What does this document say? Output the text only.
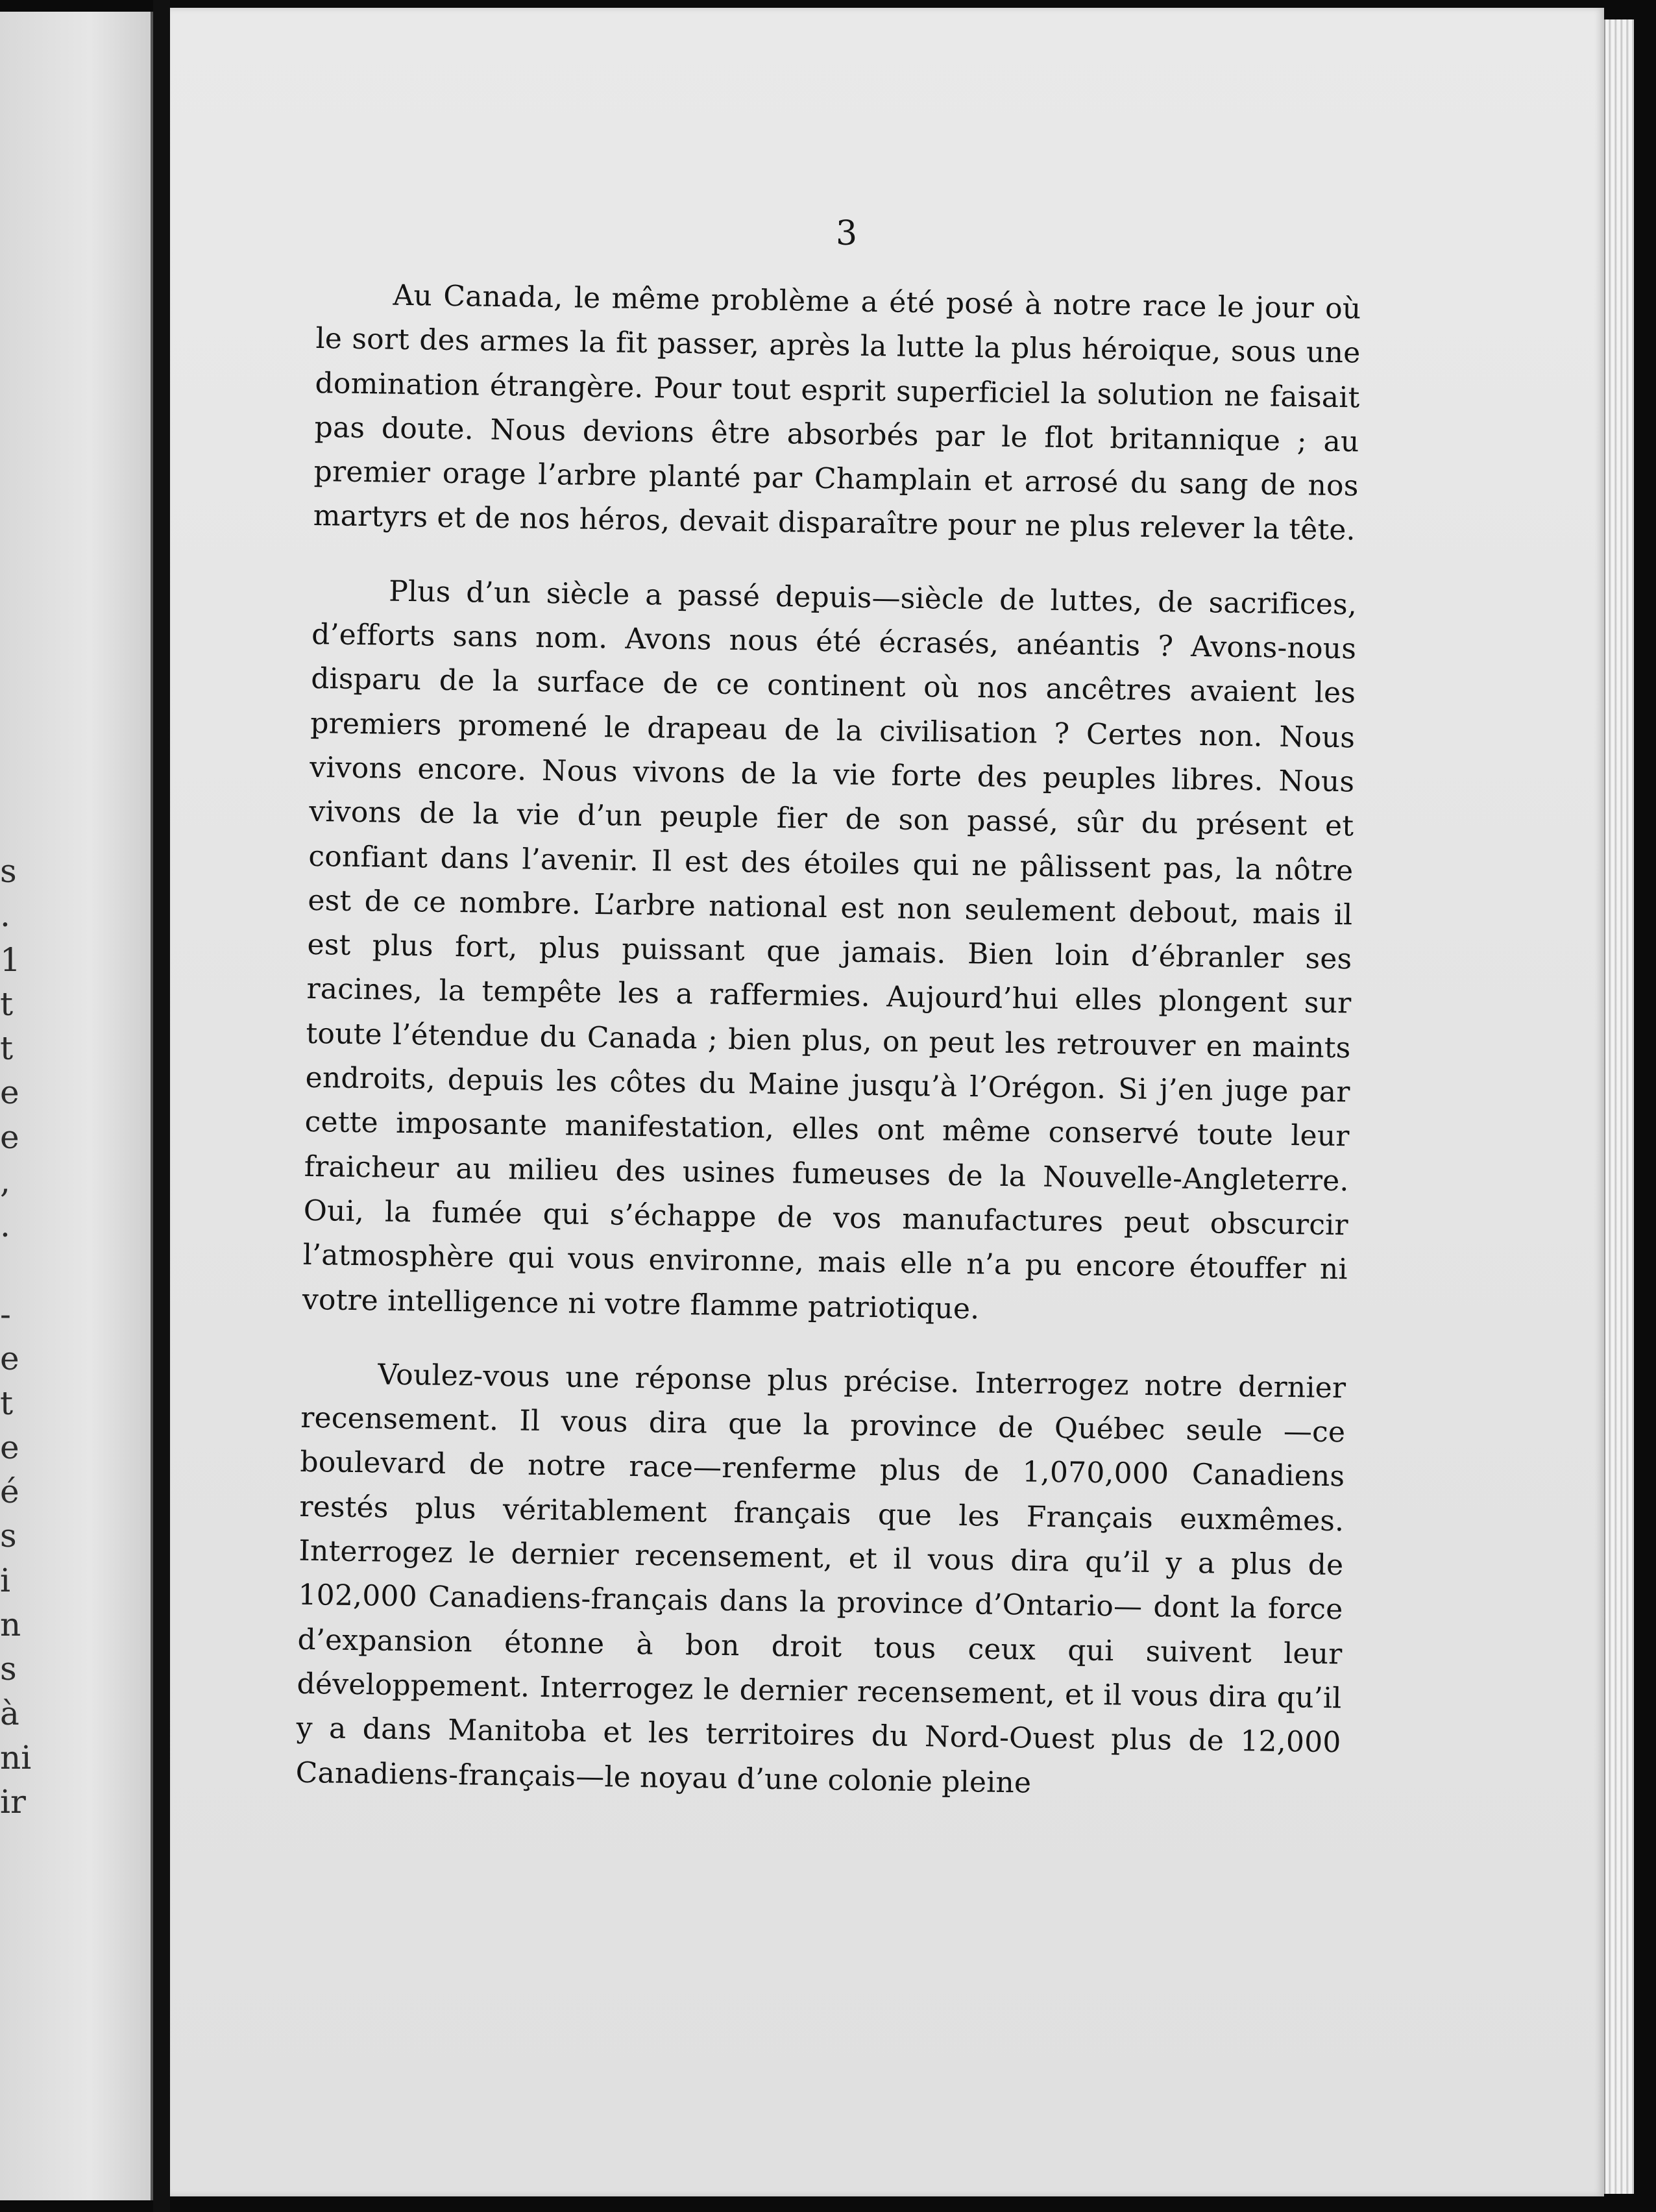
s
.
1
t
t
e
e
,
.

-
e
t
e
é
s
i
n
s
à
ni
ir
3

Au Canada, le même problème a été posé à notre race le jour où le sort des armes la fit passer, après la lutte la plus héroique, sous une domination étrangère. Pour tout esprit superficiel la solution ne faisait pas doute. Nous devions être absorbés par le flot britannique ; au premier orage l’arbre planté par Champlain et arrosé du sang de nos martyrs et de nos héros, devait disparaître pour ne plus relever la tête.

Plus d’un siècle a passé depuis—siècle de luttes, de sacrifices, d’efforts sans nom. Avons nous été écrasés, anéantis ? Avons-nous disparu de la surface de ce continent où nos ancêtres avaient les premiers promené le drapeau de la civilisation ? Certes non. Nous vivons encore. Nous vivons de la vie forte des peuples libres. Nous vivons de la vie d’un peuple fier de son passé, sûr du présent et confiant dans l’avenir. Il est des étoiles qui ne pâlissent pas, la nôtre est de ce nombre. L’arbre national est non seulement debout, mais il est plus fort, plus puissant que jamais. Bien loin d’ébranler ses racines, la tempête les a raffermies. Aujourd’hui elles plongent sur toute l’étendue du Canada ; bien plus, on peut les retrouver en maints endroits, depuis les côtes du Maine jusqu’à l’Orégon. Si j’en juge par cette imposante manifestation, elles ont même conservé toute leur fraicheur au milieu des usines fumeuses de la Nouvelle-Angleterre. Oui, la fumée qui s’échappe de vos manufactures peut obscurcir l’atmosphère qui vous environne, mais elle n’a pu encore étouffer ni votre intelligence ni votre flamme patriotique.

Voulez-vous une réponse plus précise. Interrogez notre dernier recensement. Il vous dira que la province de Québec seule —ce boulevard de notre race—renferme plus de 1,070,000 Canadiens restés plus véritablement français que les Français euxmêmes. Interrogez le dernier recensement, et il vous dira qu’il y a plus de 102,000 Canadiens-français dans la province d’Ontario— dont la force d’expansion étonne à bon droit tous ceux qui suivent leur développement. Interrogez le dernier recensement, et il vous dira qu’il y a dans Manitoba et les territoires du Nord-Ouest plus de 12,000 Canadiens-français—le noyau d’une colonie pleine
